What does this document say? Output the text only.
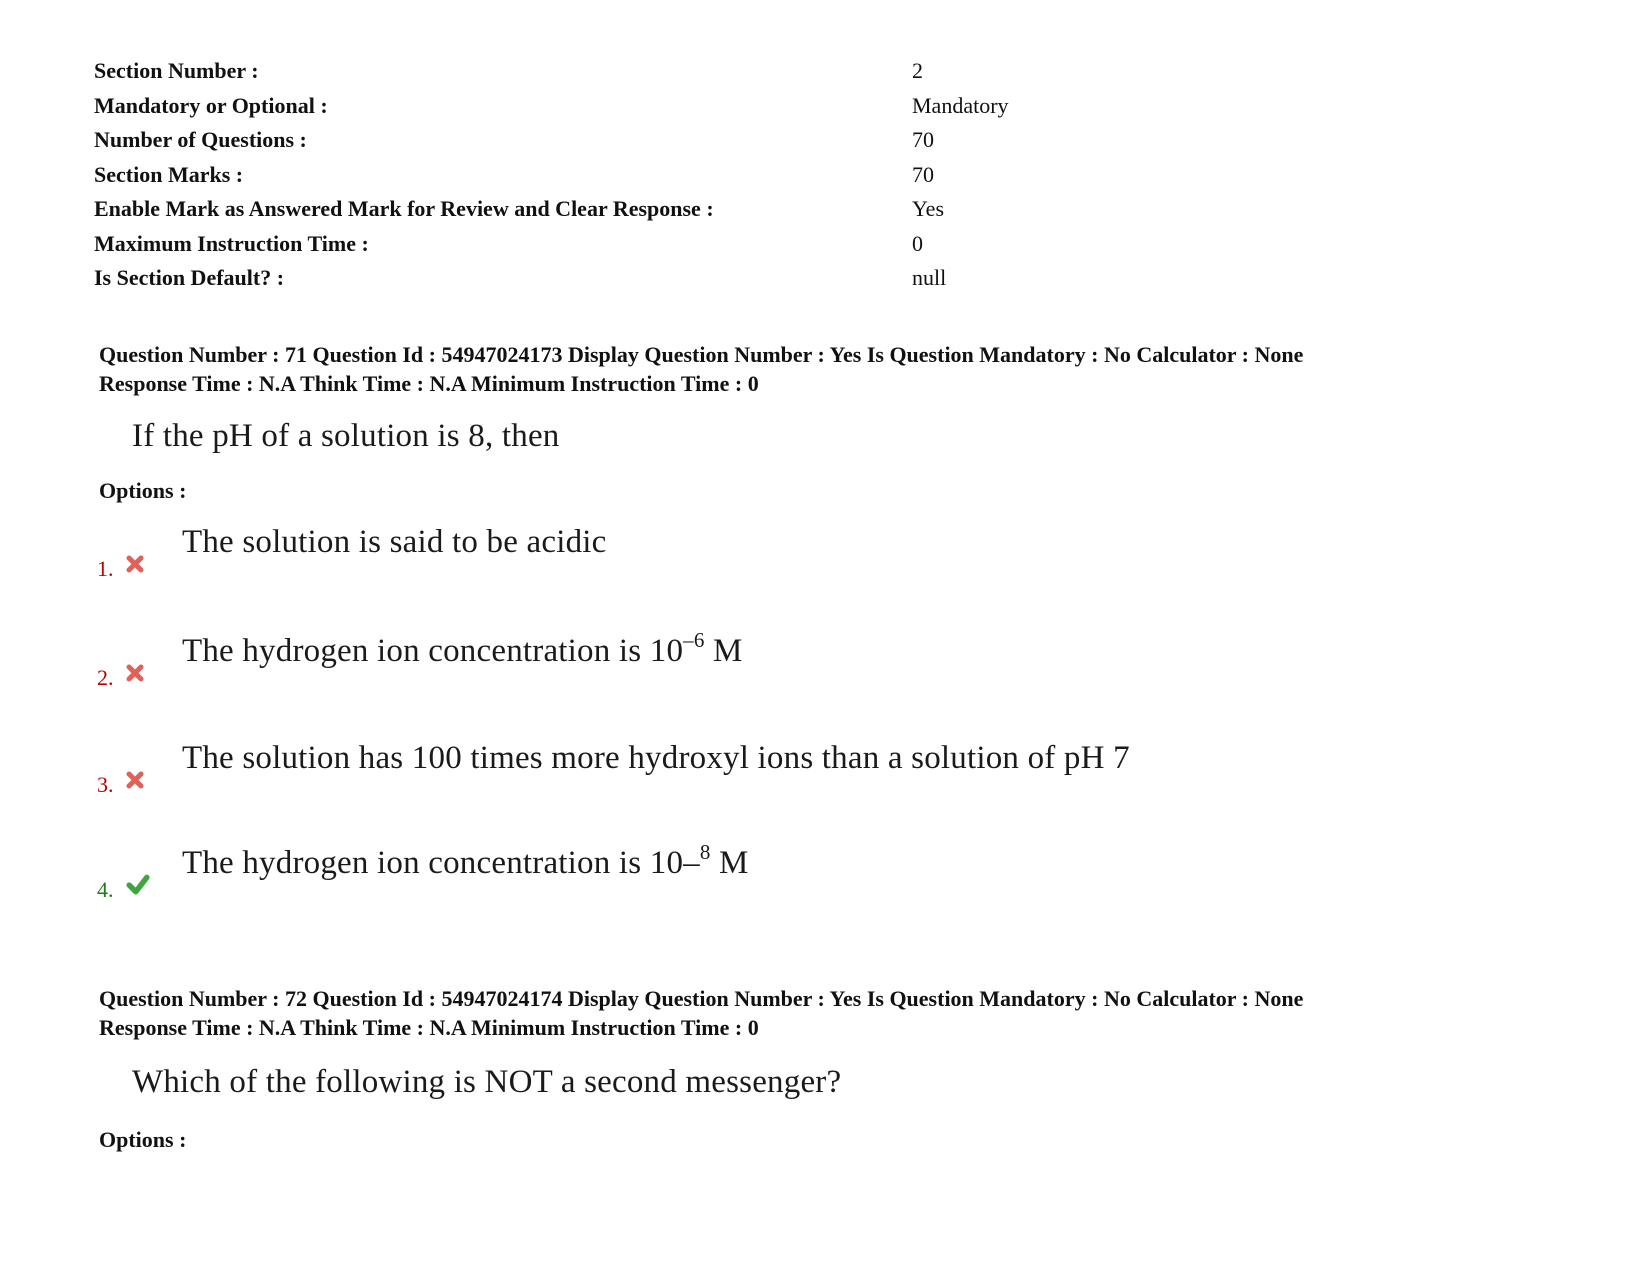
Section Number :	2
Mandatory or Optional :	Mandatory
Number of Questions :	70
Section Marks :	70
Enable Mark as Answered Mark for Review and Clear Response :	Yes
Maximum Instruction Time :	0
Is Section Default? :	null
Question Number : 71 Question Id : 54947024173 Display Question Number : Yes Is Question Mandatory : No Calculator : None
Response Time : N.A Think Time : N.A Minimum Instruction Time : 0
If the pH of a solution is 8, then
Options :
1.
The solution is said to be acidic
2.
The hydrogen ion concentration is $10^{-6}$ M
3.
The solution has 100 times more hydroxyl ions than a solution of pH 7
4.
The hydrogen ion concentration is 10–$^8$ M
Question Number : 72 Question Id : 54947024174 Display Question Number : Yes Is Question Mandatory : No Calculator : None
Response Time : N.A Think Time : N.A Minimum Instruction Time : 0
Which of the following is NOT a second messenger?
Options :
